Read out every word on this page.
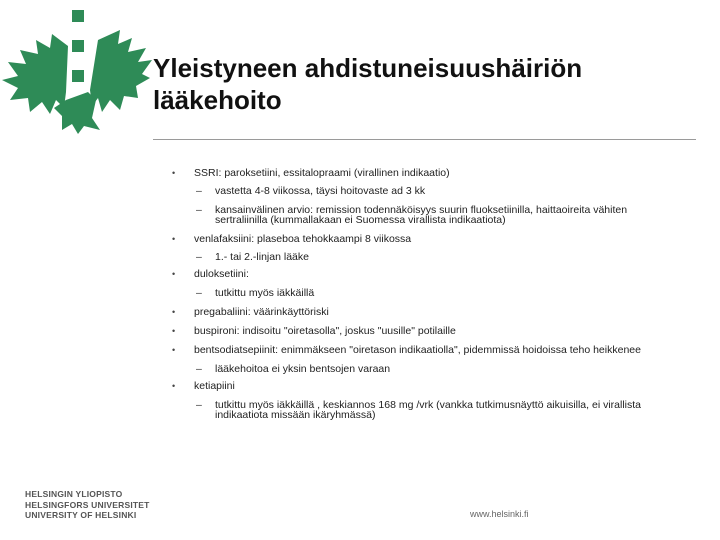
Yleistyneen ahdistuneisuushäiriön
lääkehoito
• SSRI: paroksetiini, essitalopraami (virallinen indikaatio)
– vastetta 4-8 viikossa, täysi hoitovaste ad 3 kk
– kansainvälinen arvio: remission todennäköisyys suurin fluoksetiinilla, haittaoireita vähiten
sertraliinilla (kummallakaan ei Suomessa virallista indikaatiota)
• venlafaksiini: plaseboa tehokkaampi 8 viikossa
– 1.- tai 2.-linjan lääke
• duloksetiini:
– tutkittu myös iäkkäillä
• pregabaliini: väärinkäyttöriski
• buspironi: indisoitu "oiretasolla", joskus "uusille" potilaille
• bentsodiatsepiinit: enimmäkseen "oiretason indikaatiolla", pidemmissä hoidoissa teho heikkenee
– lääkehoitoa ei yksin bentsojen varaan
• ketiapiini
– tutkittu myös iäkkäillä , keskiannos 168 mg /vrk (vankka tutkimusnäyttö aikuisilla, ei virallista
indikaatiota missään ikäryhmässä)
HELSINGIN YLIOPISTO
HELSINGFORS UNIVERSITET
UNIVERSITY OF HELSINKI	www.helsinki.fi
